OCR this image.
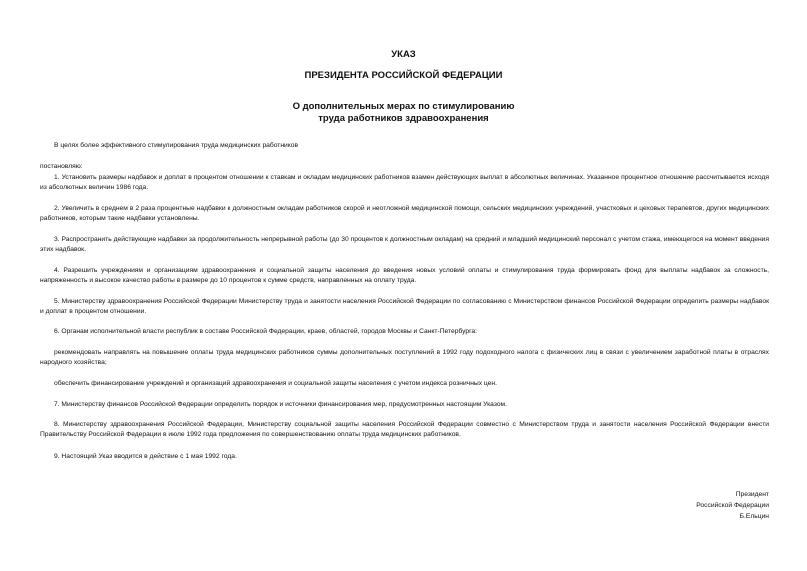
УКАЗ

ПРЕЗИДЕНТА РОССИЙСКОЙ ФЕДЕРАЦИИ

О дополнительных мерах по стимулированию

труда работников здравоохранения

В целях более эффективного стимулирования труда медицинских работников

постановляю:

1. Установить размеры надбавок и доплат в процентом отношении к ставкам и окладам медицинских работников взамен действующих выплат в абсолютных величинах. Указанное процентное отношение рассчитывается исходя из абсолютных величин 1986 года.

2. Увеличить в среднем в 2 раза процентные надбавки к должностным окладам работников скорой и неотложной медицинской помощи, сельских медицинских учреждений, участковых и цеховых терапевтов, других медицинских работников, которым такие надбавки установлены.

3. Распространить действующие надбавки за продолжительность непрерывной работы (до 30 процентов к должностным окладам) на средний и младший медицинский персонал с учетом стажа, имеющегося на момент введения этих надбавок.

4. Разрешить учреждениям и организациям здравоохранения и социальной защиты населения до введения новых условий оплаты и стимулирования труда формировать фонд для выплаты надбавок за сложность, напряженность и высокое качество работы в размере до 10 процентов к сумме средств, направленных на оплату труда.

5. Министерству здравоохранения Российской Федерации Министерству труда и занятости населения Российской Федерации по согласованию с Министерством финансов Российской Федерации определить размеры надбавок и доплат в процентом отношении.

6. Органам исполнительной власти республик в составе Российской Федерации, краев, областей, городов Москвы и Санкт-Петербурга:

рекомендовать направлять на повышение оплаты труда медицинских работников суммы дополнительных поступлений в 1992 году подоходного налога с физических лиц в связи с увеличением заработной платы в отраслях народного хозяйства;

обеспечить финансирование учреждений и организаций здравоохранения и социальной защиты населения с учетом индекса розничных цен.

7. Министерству финансов Российской Федерации определить порядок и источники финансирования мер, предусмотренных настоящим Указом.

8. Министерству здравоохранения Российской Федерации, Министерству социальной защиты населения Российской Федерации совместно с Министерством труда и занятости населения Российской Федерации внести Правительству Российской Федерации в июле 1992 года предложения по совершенствованию оплаты труда медицинских работников.

9. Настоящий Указ вводится в действие с 1 мая 1992 года.

Президент

Российской Федерации

Б.Ельцин
